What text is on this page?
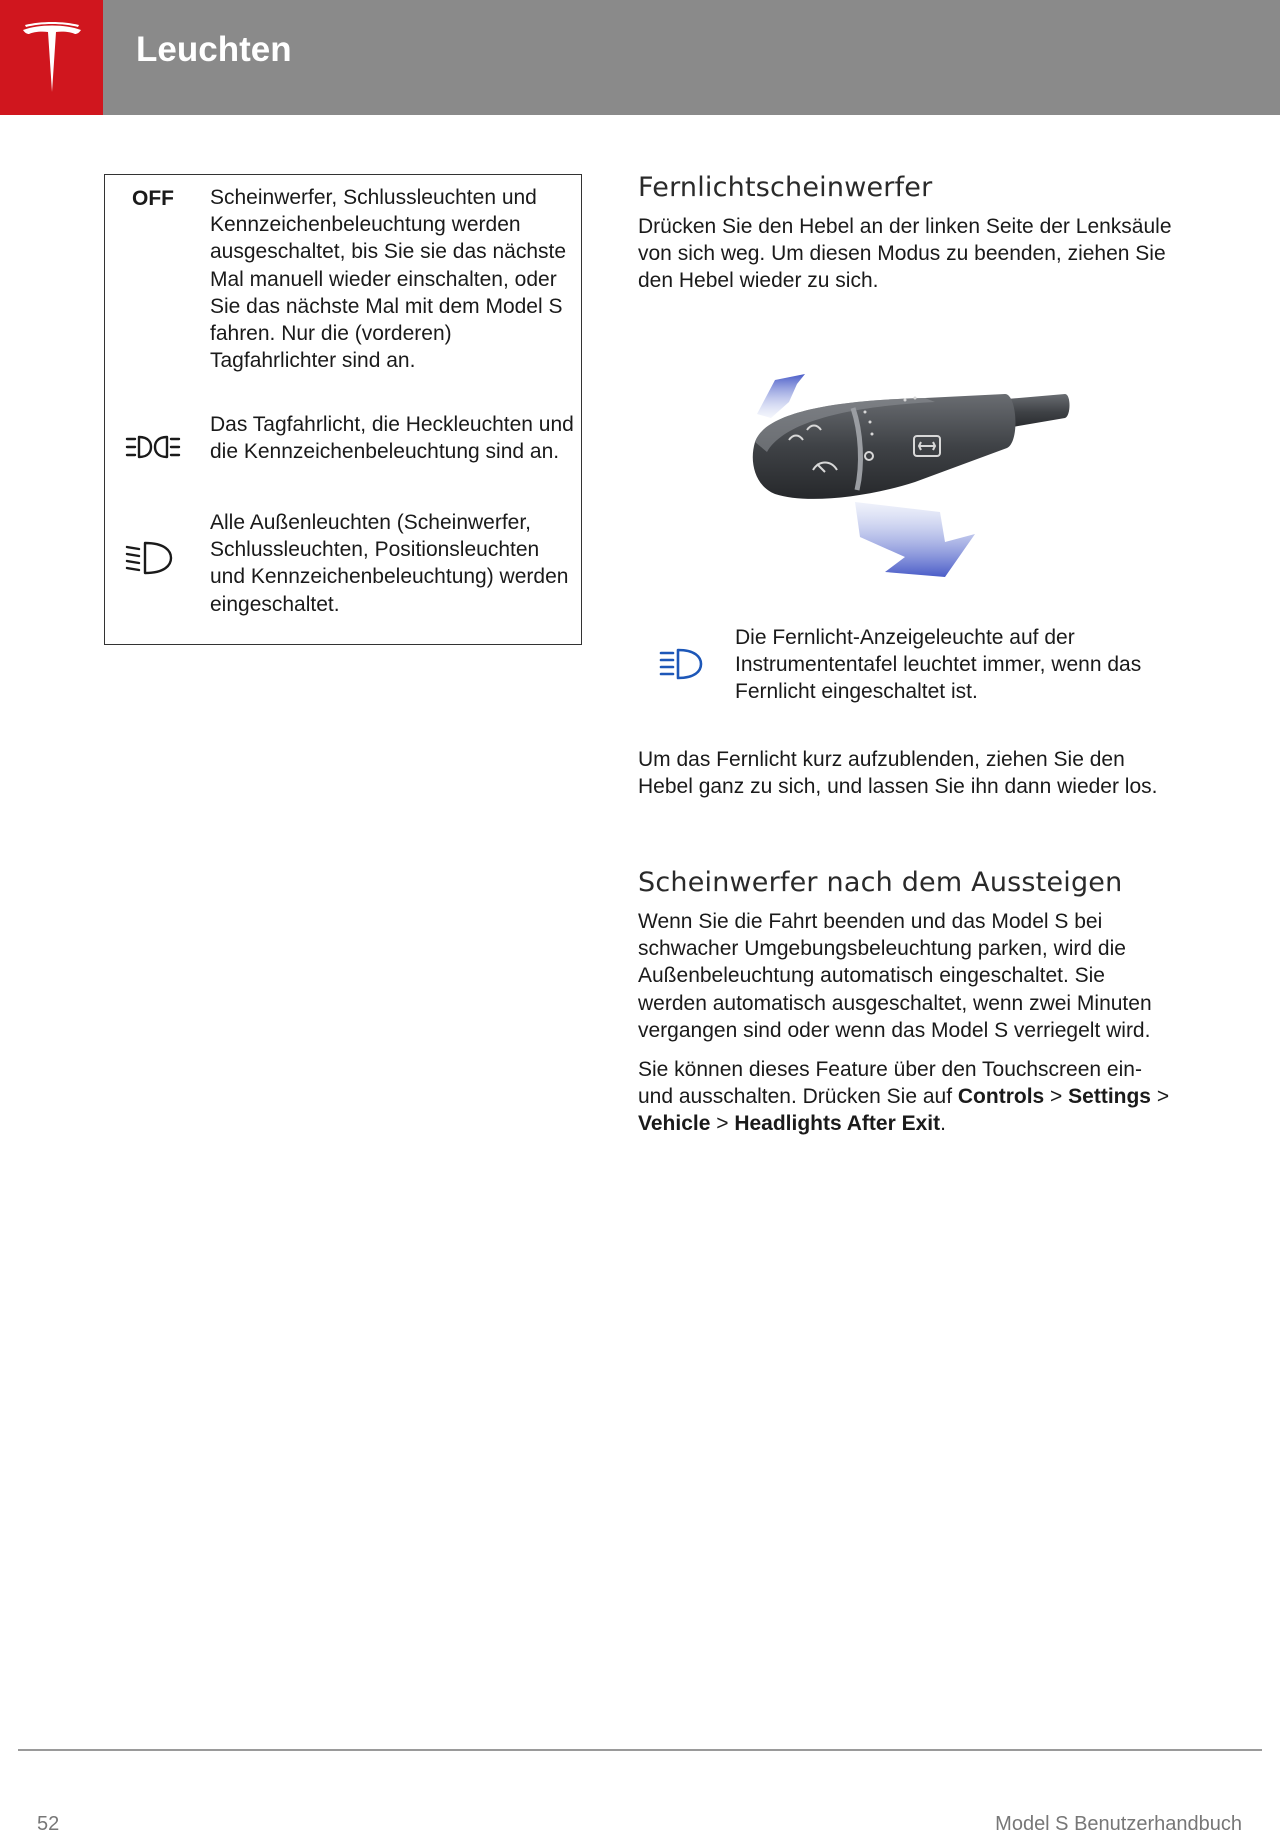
Leuchten
OFF	Scheinwerfer, Schlussleuchten und Kennzeichenbeleuchtung werden ausgeschaltet, bis Sie sie das nächste Mal manuell wieder einschalten, oder Sie das nächste Mal mit dem Model S fahren. Nur die (vorderen) Tagfahrlichter sind an.
Das Tagfahrlicht, die Heckleuchten und die Kennzeichenbeleuchtung sind an.
Alle Außenleuchten (Scheinwerfer, Schlussleuchten, Positionsleuchten und Kennzeichenbeleuchtung) werden eingeschaltet.
Fernlichtscheinwerfer

Drücken Sie den Hebel an der linken Seite der Lenksäule von sich weg. Um diesen Modus zu beenden, ziehen Sie den Hebel wieder zu sich.

Die Fernlicht-Anzeigeleuchte auf der Instrumententafel leuchtet immer, wenn das Fernlicht eingeschaltet ist.

Um das Fernlicht kurz aufzublenden, ziehen Sie den Hebel ganz zu sich, und lassen Sie ihn dann wieder los.

Scheinwerfer nach dem Aussteigen

Wenn Sie die Fahrt beenden und das Model S bei schwacher Umgebungsbeleuchtung parken, wird die Außenbeleuchtung automatisch eingeschaltet. Sie werden automatisch ausgeschaltet, wenn zwei Minuten vergangen sind oder wenn das Model S verriegelt wird.

Sie können dieses Feature über den Touchscreen ein- und ausschalten. Drücken Sie auf Controls > Settings > Vehicle > Headlights After Exit.

52	Model S Benutzerhandbuch
